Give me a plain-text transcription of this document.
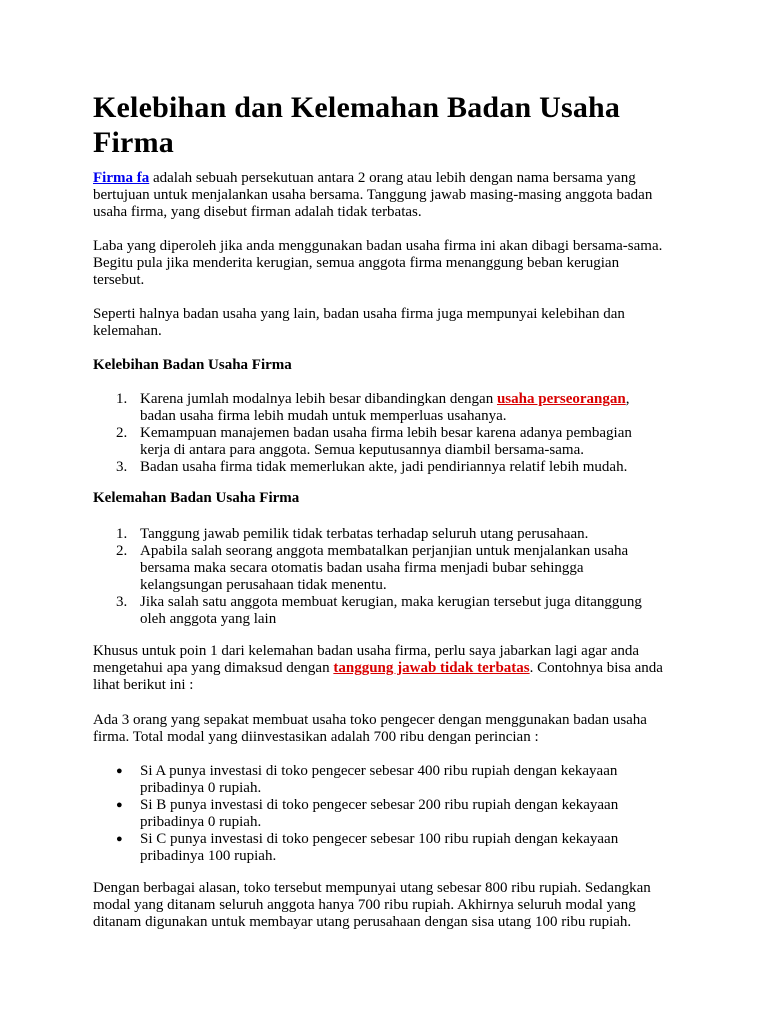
Kelebihan dan Kelemahan Badan Usaha Firma

Firma fa adalah sebuah persekutuan antara 2 orang atau lebih dengan nama bersama yang bertujuan untuk menjalankan usaha bersama. Tanggung jawab masing-masing anggota badan usaha firma, yang disebut firman adalah tidak terbatas.

Laba yang diperoleh jika anda menggunakan badan usaha firma ini akan dibagi bersama-sama. Begitu pula jika menderita kerugian, semua anggota firma menanggung beban kerugian tersebut.

Seperti halnya badan usaha yang lain, badan usaha firma juga mempunyai kelebihan dan kelemahan.

Kelebihan Badan Usaha Firma

1. Karena jumlah modalnya lebih besar dibandingkan dengan usaha perseorangan, badan usaha firma lebih mudah untuk memperluas usahanya.
2. Kemampuan manajemen badan usaha firma lebih besar karena adanya pembagian kerja di antara para anggota. Semua keputusannya diambil bersama-sama.
3. Badan usaha firma tidak memerlukan akte, jadi pendiriannya relatif lebih mudah.

Kelemahan Badan Usaha Firma

1. Tanggung jawab pemilik tidak terbatas terhadap seluruh utang perusahaan.
2. Apabila salah seorang anggota membatalkan perjanjian untuk menjalankan usaha bersama maka secara otomatis badan usaha firma menjadi bubar sehingga kelangsungan perusahaan tidak menentu.
3. Jika salah satu anggota membuat kerugian, maka kerugian tersebut juga ditanggung oleh anggota yang lain

Khusus untuk poin 1 dari kelemahan badan usaha firma, perlu saya jabarkan lagi agar anda mengetahui apa yang dimaksud dengan tanggung jawab tidak terbatas. Contohnya bisa anda lihat berikut ini :

Ada 3 orang yang sepakat membuat usaha toko pengecer dengan menggunakan badan usaha firma. Total modal yang diinvestasikan adalah 700 ribu dengan perincian :

●	Si A punya investasi di toko pengecer sebesar 400 ribu rupiah dengan kekayaan pribadinya 0 rupiah.
●	Si B punya investasi di toko pengecer sebesar 200 ribu rupiah dengan kekayaan pribadinya 0 rupiah.
●	Si C punya investasi di toko pengecer sebesar 100 ribu rupiah dengan kekayaan pribadinya 100 rupiah.

Dengan berbagai alasan, toko tersebut mempunyai utang sebesar 800 ribu rupiah. Sedangkan modal yang ditanam seluruh anggota hanya 700 ribu rupiah. Akhirnya seluruh modal yang ditanam digunakan untuk membayar utang perusahaan dengan sisa utang 100 ribu rupiah.
